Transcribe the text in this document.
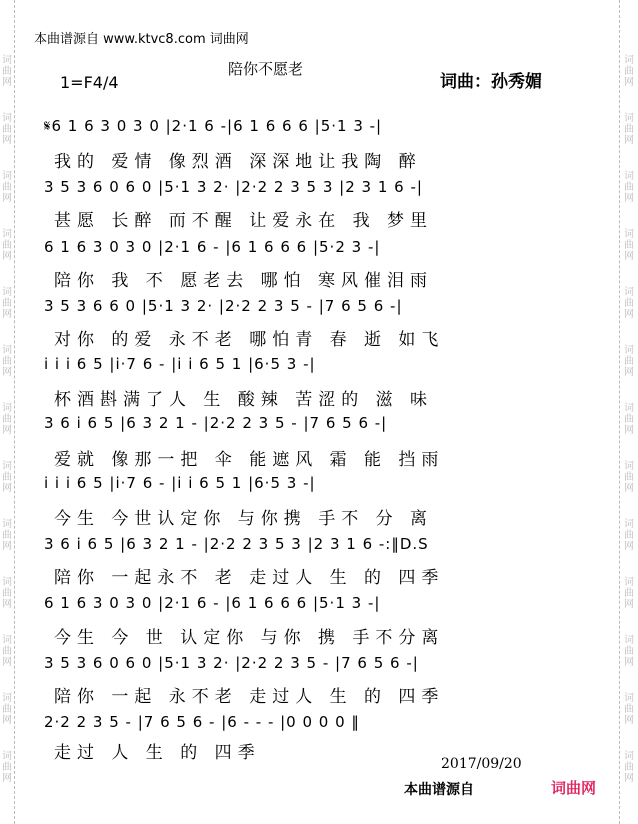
词
曲
网
词
曲
网
词
曲
网
词
曲
网
词
曲
网
词
曲
网
词
曲
网
词
曲
网
词
曲
网
词
曲
网
词
曲
网
词
曲
网
词
曲
网
词
曲
网
词
曲
网
词
曲
网
词
曲
网
词
曲
网
词
曲
网
词
曲
网
词
曲
网
词
曲
网
词
曲
网
词
曲
网
词
曲
网
词
曲
网
本曲谱源自 www.ktvc8.com 词曲网
陪你不愿老
1=F4/4	词曲：孙秀媚
𝄋6 1 6 3 0 3 0 |2·1 6 -|6 1 6 6 6 |5·1 3 -|
我的 爱情 像烈酒 深深地让我陶 醉
3 5 3 6 0 6 0 |5·1 3 2· |2·2 2 3 5 3 |2 3 1 6 -|
甚愿 长醉 而不醒 让爱永在 我 梦里
6 1 6 3 0 3 0 |2·1 6 - |6 1 6 6 6 |5·2 3 -|
陪你 我 不 愿老去 哪怕 寒风催泪雨
3 5 3 6 6 0 |5·1 3 2· |2·2 2 3 5 - |7 6 5 6 -|
对你 的爱 永不老 哪怕青 春 逝 如飞
i i i 6 5 |i·7 6 - |i i 6 5 1 |6·5 3 -|
杯酒斟满了人 生 酸辣 苦涩的 滋 味
3 6 i 6 5 |6 3 2 1 - |2·2 2 3 5 - |7 6 5 6 -|
爱就 像那一把 伞 能遮风 霜 能 挡雨
i i i 6 5 |i·7 6 - |i i 6 5 1 |6·5 3 -|
今生 今世认定你 与你携 手不 分 离
3 6 i 6 5 |6 3 2 1 - |2·2 2 3 5 3 |2 3 1 6 -:‖D.S
陪你 一起永不 老 走过人 生 的 四季
6 1 6 3 0 3 0 |2·1 6 - |6 1 6 6 6 |5·1 3 -|
今生 今 世 认定你 与你 携 手不分离
3 5 3 6 0 6 0 |5·1 3 2· |2·2 2 3 5 - |7 6 5 6 -|
陪你 一起 永不老 走过人 生 的 四季
2·2 2 3 5 - |7 6 5 6 - |6 - - - |0 0 0 0 ‖
走过 人 生 的 四季
2017/09/20
本曲谱源自	词曲网
